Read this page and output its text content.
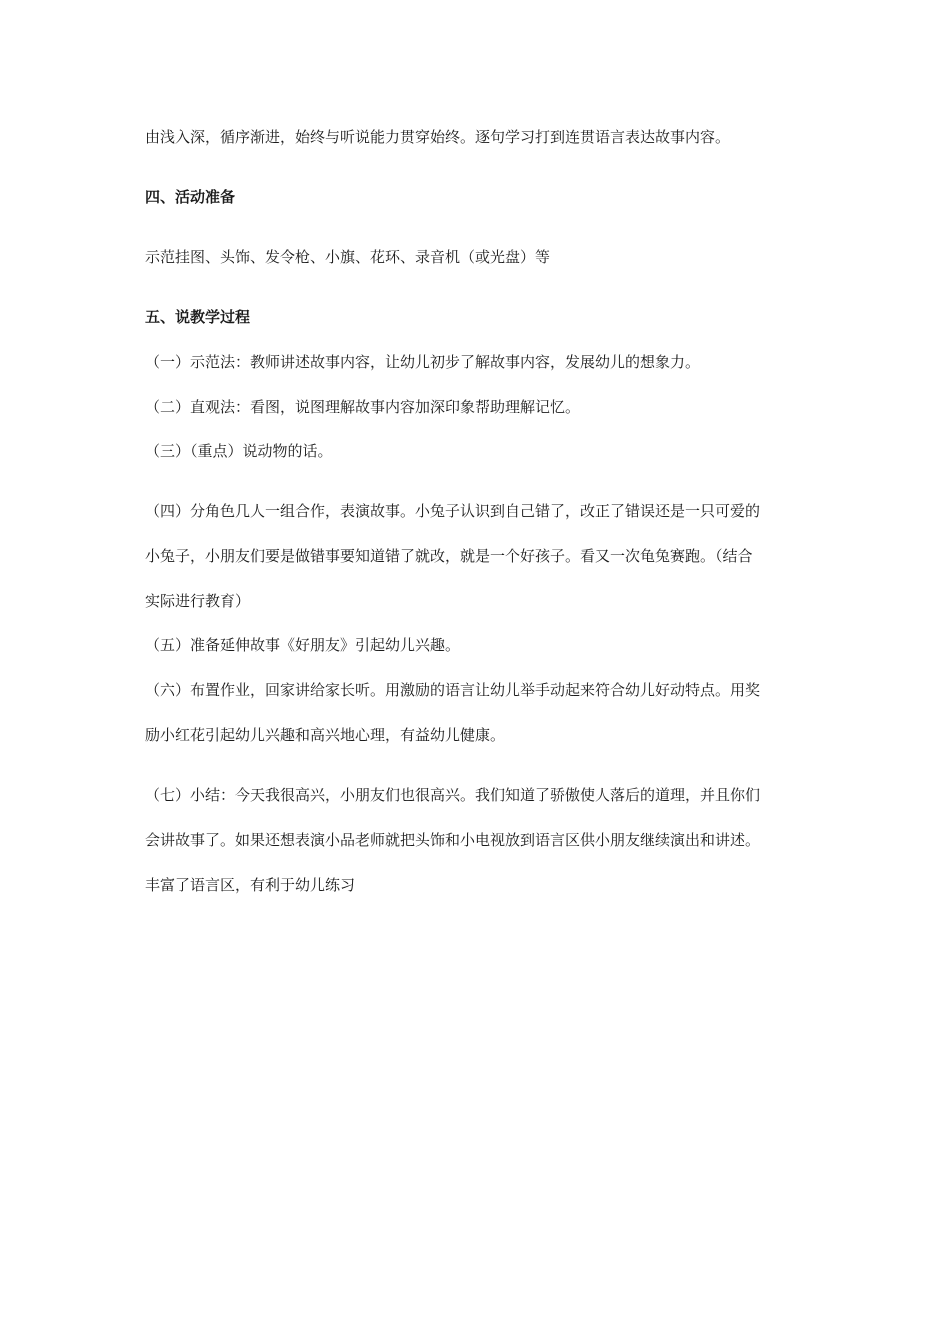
由浅入深，循序渐进，始终与听说能力贯穿始终。逐句学习打到连贯语言表达故事内容。

四、活动准备

示范挂图、头饰、发令枪、小旗、花环、录音机（或光盘）等

五、说教学过程

（一）示范法：教师讲述故事内容，让幼儿初步了解故事内容，发展幼儿的想象力。

（二）直观法：看图，说图理解故事内容加深印象帮助理解记忆。

（三）（重点）说动物的话。

（四）分角色几人一组合作，表演故事。小兔子认识到自己错了，改正了错误还是一只可爱的

小兔子，小朋友们要是做错事要知道错了就改，就是一个好孩子。看又一次龟兔赛跑。（结合

实际进行教育）

（五）准备延伸故事《好朋友》引起幼儿兴趣。

（六）布置作业，回家讲给家长听。用激励的语言让幼儿举手动起来符合幼儿好动特点。用奖

励小红花引起幼儿兴趣和高兴地心理，有益幼儿健康。

（七）小结：今天我很高兴，小朋友们也很高兴。我们知道了骄傲使人落后的道理，并且你们

会讲故事了。如果还想表演小品老师就把头饰和小电视放到语言区供小朋友继续演出和讲述。

丰富了语言区，有利于幼儿练习
